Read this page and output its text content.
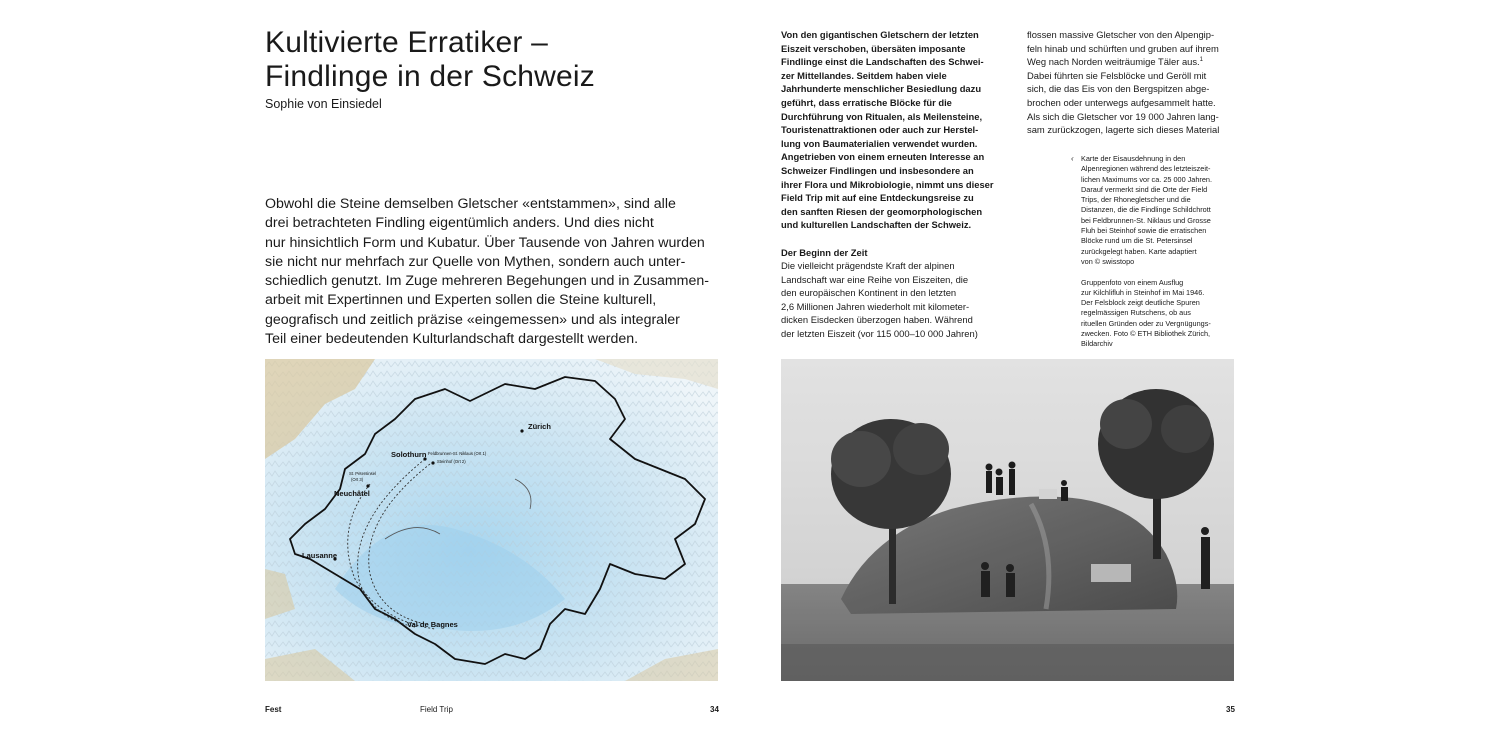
Kultivierte Erratiker –
Findlinge in der Schweiz
Sophie von Einsiedel
Obwohl die Steine demselben Gletscher «entstammen», sind alle
drei betrachteten Findling eigentümlich anders. Und dies nicht
nur hinsichtlich Form und Kubatur. Über Tausende von Jahren wurden
sie nicht nur mehrfach zur Quelle von Mythen, sondern auch unter-
schiedlich genutzt. Im Zuge mehreren Begehungen und in Zusammen-
arbeit mit Expertinnen und Experten sollen die Steine kulturell,
geografisch und zeitlich präzise «eingemessen» und als integraler
Teil einer bedeutenden Kulturlandschaft dargestellt werden.
Zürich
Solothurn Feldbrunnen-St. Niklaus (Ort 1)
Steinhof (Ort 2)
St. Petersinsel
(Ort 3)
Neuchâtel
Lausanne
Val de Bagnes
Von den gigantischen Gletschern der letzten
Eiszeit verschoben, übersäten imposante
Findlinge einst die Landschaften des Schwei-
zer Mittellandes. Seitdem haben viele
Jahrhunderte menschlicher Besiedlung dazu
geführt, dass erratische Blöcke für die
Durchführung von Ritualen, als Meilensteine,
Touristenattraktionen oder auch zur Herstel-
lung von Baumaterialien verwendet wurden.
Angetrieben von einem erneuten Interesse an
Schweizer Findlingen und insbesondere an
ihrer Flora und Mikrobiologie, nimmt uns dieser
Field Trip mit auf eine Entdeckungsreise zu
den sanften Riesen der geomorphologischen
und kulturellen Landschaften der Schweiz.
Der Beginn der Zeit
Die vielleicht prägendste Kraft der alpinen
Landschaft war eine Reihe von Eiszeiten, die
den europäischen Kontinent in den letzten
2,6 Millionen Jahren wiederholt mit kilometer-
dicken Eisdecken überzogen haben. Während
der letzten Eiszeit (vor 115 000–10 000 Jahren)
flossen massive Gletscher von den Alpengip-
feln hinab und schürften und gruben auf ihrem
Weg nach Norden weiträumige Täler aus.$^1$
Dabei führten sie Felsblöcke und Geröll mit
sich, die das Eis von den Bergspitzen abge-
brochen oder unterwegs aufgesammelt hatte.
Als sich die Gletscher vor 19 000 Jahren lang-
sam zurückzogen, lagerte sich dieses Material
‹ Karte der Eisausdehnung in den
Alpenregionen während des letzteiszeit-
lichen Maximums vor ca. 25 000 Jahren.
Darauf vermerkt sind die Orte der Field
Trips, der Rhonegletscher und die
Distanzen, die die Findlinge Schildchrott
bei Feldbrunnen-St. Niklaus und Grosse
Fluh bei Steinhof sowie die erratischen
Blöcke rund um die St. Petersinsel
zurückgelegt haben. Karte adaptiert
von © swisstopo
Gruppenfoto von einem Ausflug
zur Kilchlifluh in Steinhof im Mai 1946.
Der Felsblock zeigt deutliche Spuren
regelmässigen Rutschens, ob aus
rituellen Gründen oder zu Vergnügungs-
zwecken. Foto © ETH Bibliothek Zürich,
Bildarchiv
Fest	Field Trip	34	35
